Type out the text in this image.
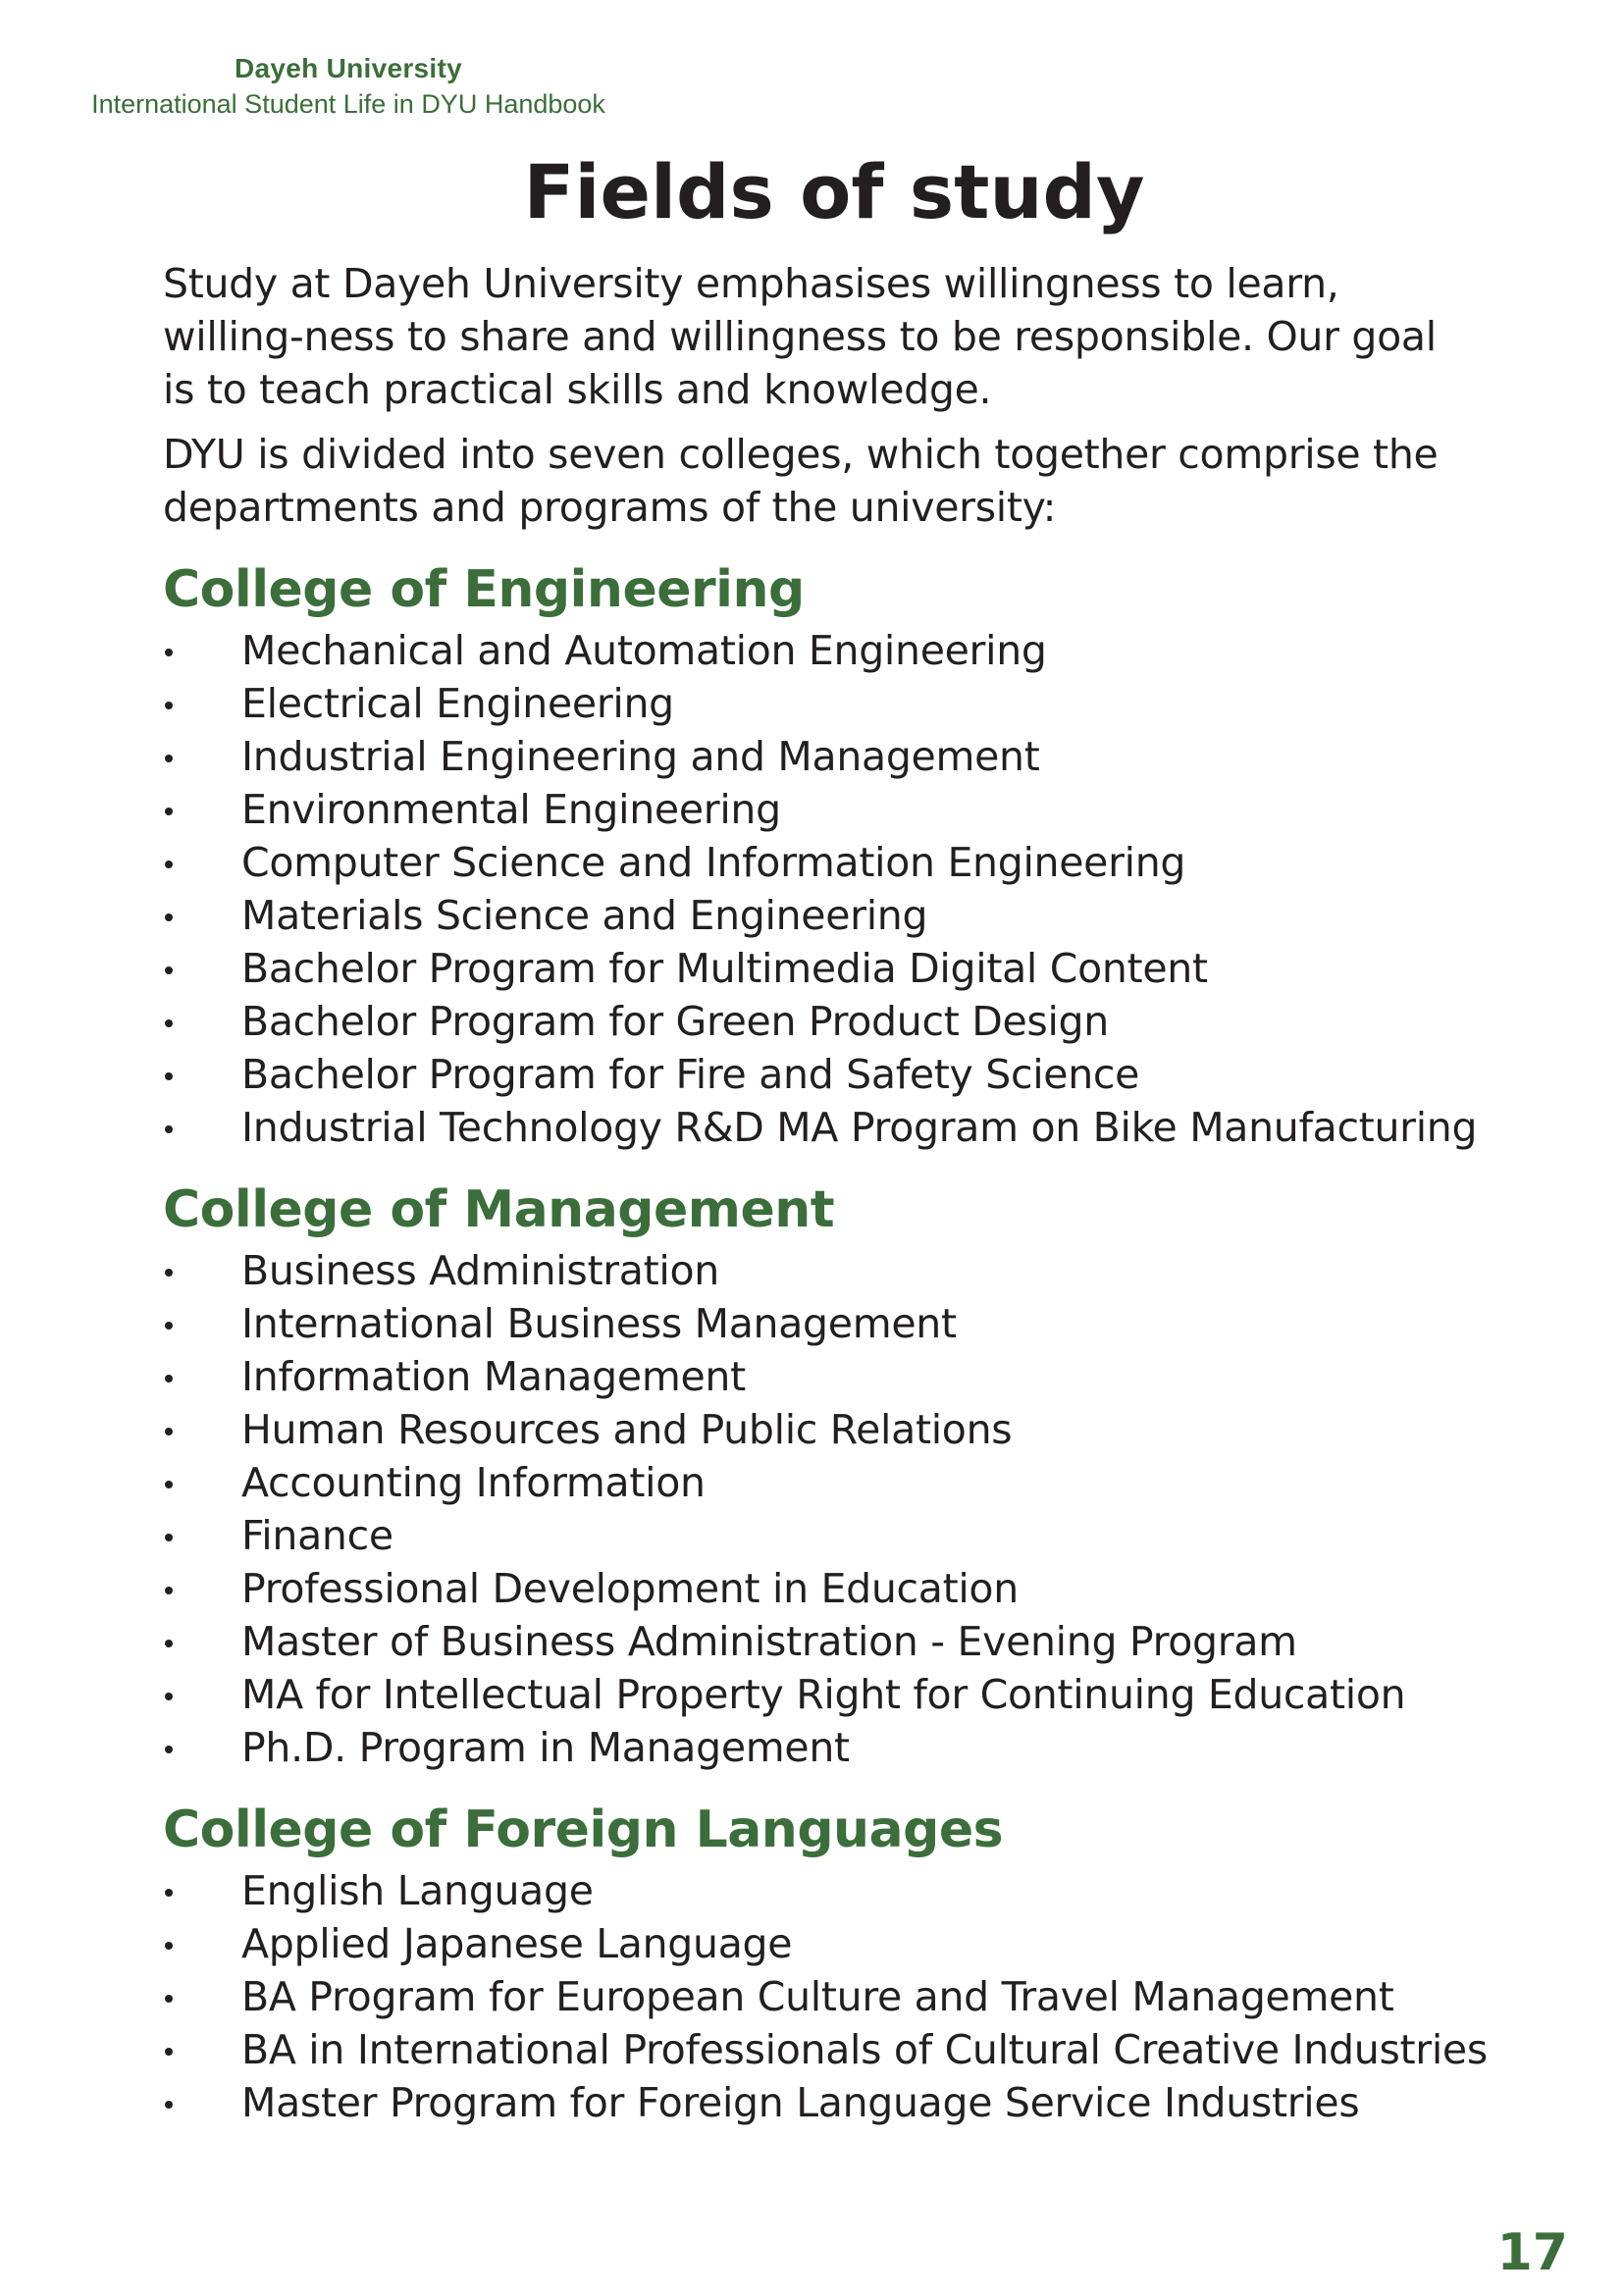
Dayeh University
International Student Life in DYU Handbook
Fields of study

Study at Dayeh University emphasises willingness to learn, willing-ness to share and willingness to be responsible. Our goal is to teach practical skills and knowledge.

DYU is divided into seven colleges, which together comprise the departments and programs of the university:

College of Engineering
Mechanical and Automation Engineering
Electrical Engineering
Industrial Engineering and Management
Environmental Engineering
Computer Science and Information Engineering
Materials Science and Engineering
Bachelor Program for Multimedia Digital Content
Bachelor Program for Green Product Design
Bachelor Program for Fire and Safety Science
Industrial Technology R&D MA Program on Bike Manufacturing
College of Management
Business Administration
International Business Management
Information Management
Human Resources and Public Relations
Accounting Information
Finance
Professional Development in Education
Master of Business Administration - Evening Program
MA for Intellectual Property Right for Continuing Education
Ph.D. Program in Management
College of Foreign Languages
English Language
Applied Japanese Language
BA Program for European Culture and Travel Management
BA in International Professionals of Cultural Creative Industries
Master Program for Foreign Language Service Industries
17
